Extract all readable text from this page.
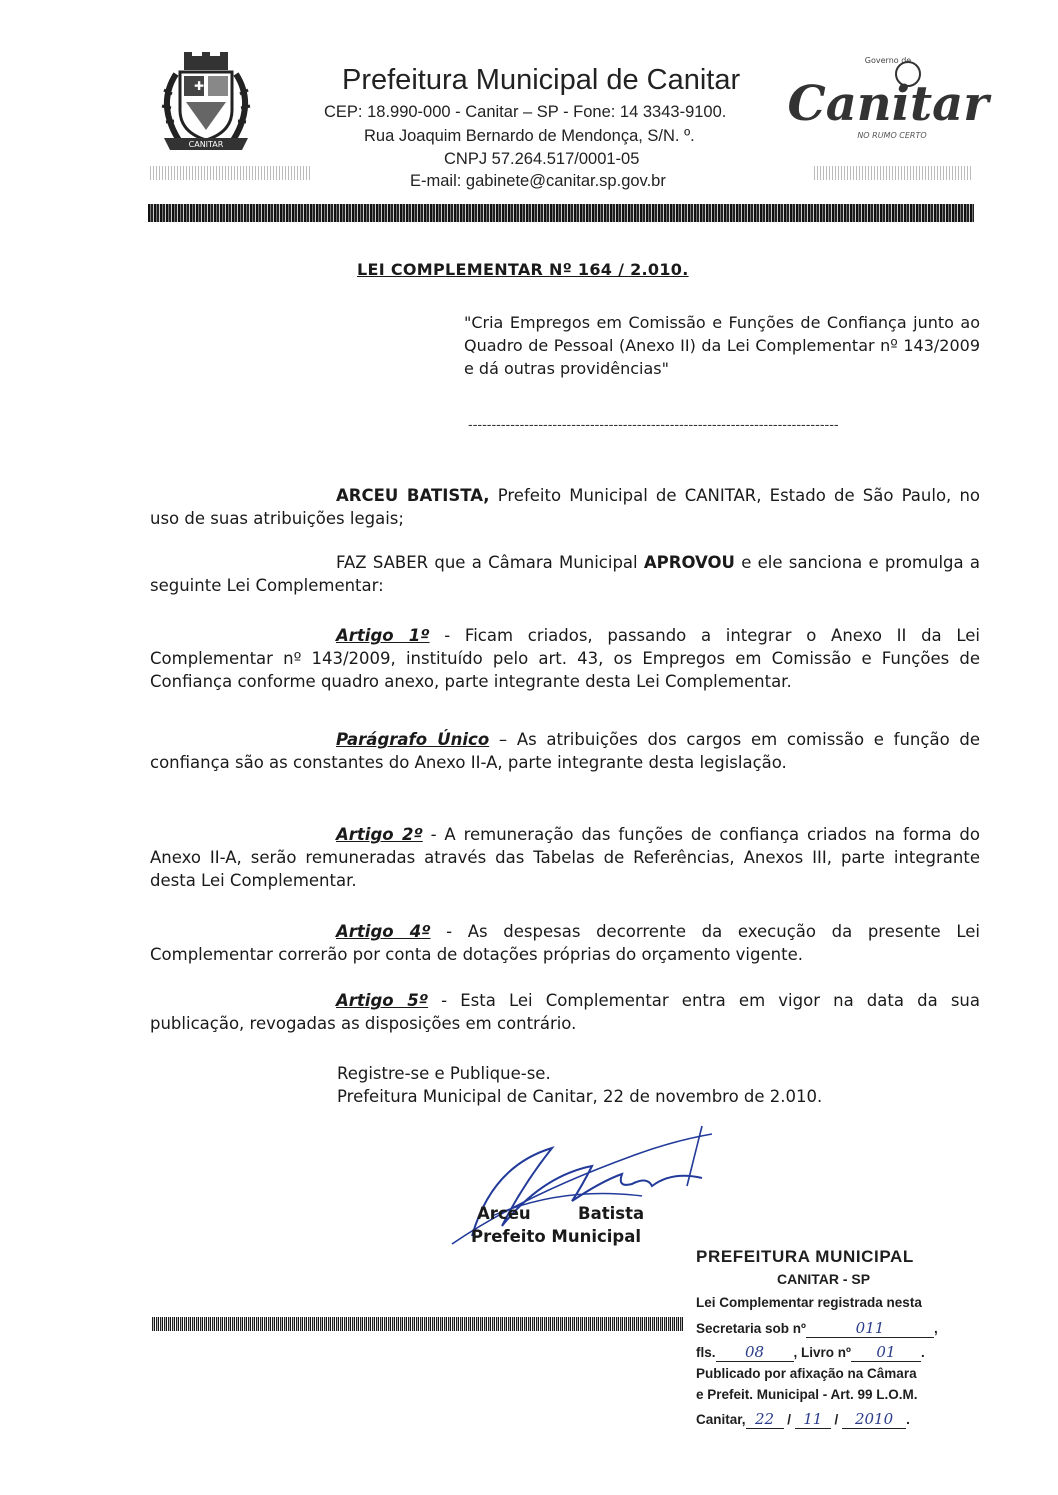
✚
CANITAR
Prefeitura Municipal de Canitar
CEP: 18.990-000 - Canitar – SP - Fone: 14 3343-9100.
Rua Joaquim Bernardo de Mendonça, S/N. º.
CNPJ 57.264.517/0001-05
E-mail: gabinete@canitar.sp.gov.br
Governo de
Canitar
NO RUMO CERTO
LEI COMPLEMENTAR Nº 164 / 2.010.
"Cria Empregos em Comissão e Funções de Confiança junto ao Quadro de Pessoal (Anexo II) da Lei Complementar nº 143/2009 e dá outras providências"
-------------------------------------------------------------------------------
ARCEU BATISTA, Prefeito Municipal de CANITAR, Estado de São Paulo, no uso de suas atribuições legais;
FAZ SABER que a Câmara Municipal APROVOU e ele sanciona e promulga a seguinte Lei Complementar:
Artigo 1º - Ficam criados, passando a integrar o Anexo II da Lei Complementar nº 143/2009, instituído pelo art. 43, os Empregos em Comissão e Funções de Confiança conforme quadro anexo, parte integrante desta Lei Complementar.
Parágrafo Único – As atribuições dos cargos em comissão e função de confiança são as constantes do Anexo II-A, parte integrante desta legislação.
Artigo 2º - A remuneração das funções de confiança criados na forma do Anexo II-A, serão remuneradas através das Tabelas de Referências, Anexos III, parte integrante desta Lei Complementar.
Artigo 4º - As despesas decorrente da execução da presente Lei Complementar correrão por conta de dotações próprias do orçamento vigente.
Artigo 5º - Esta Lei Complementar entra em vigor na data da sua publicação, revogadas as disposições em contrário.
Registre-se e Publique-se.
Prefeitura Municipal de Canitar, 22 de novembro de 2.010.
Arceu	Batista
Prefeito Municipal
PREFEITURA MUNICIPAL
CANITAR - SP
Lei Complementar registrada nesta
Secretaria sob nº	011	,
fls. 08 , Livro nº 01 .
Publicado por afixação na Câmara
e Prefeit. Municipal - Art. 99 L.O.M.
Canitar, 22 / 11 / 2010 .
